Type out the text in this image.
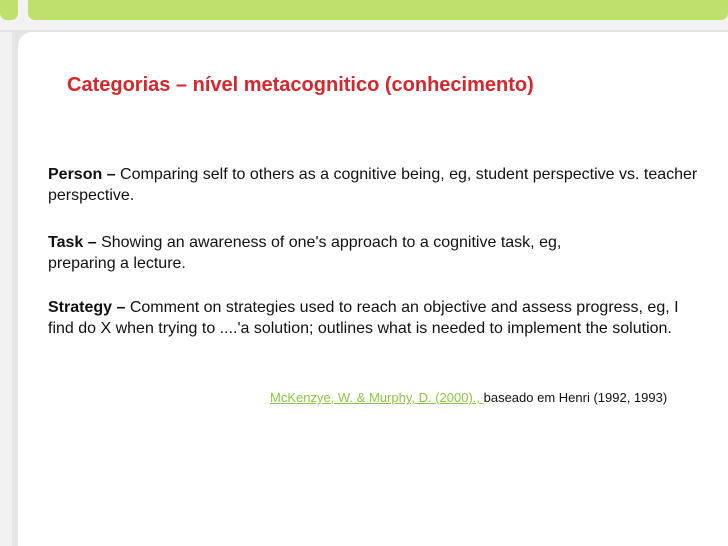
Categorias – nível metacognitico (conhecimento)
Person – Comparing self to others as a cognitive being, eg, student perspective vs. teacher perspective.
Task – Showing an awareness of one's approach to a cognitive task, eg, preparing a lecture.
Strategy – Comment on strategies used to reach an objective and assess progress, eg, I find do X when trying to ....'a solution; outlines what is needed to implement the solution.
McKenzye, W. & Murphy, D. (2000)., baseado em Henri (1992, 1993)
